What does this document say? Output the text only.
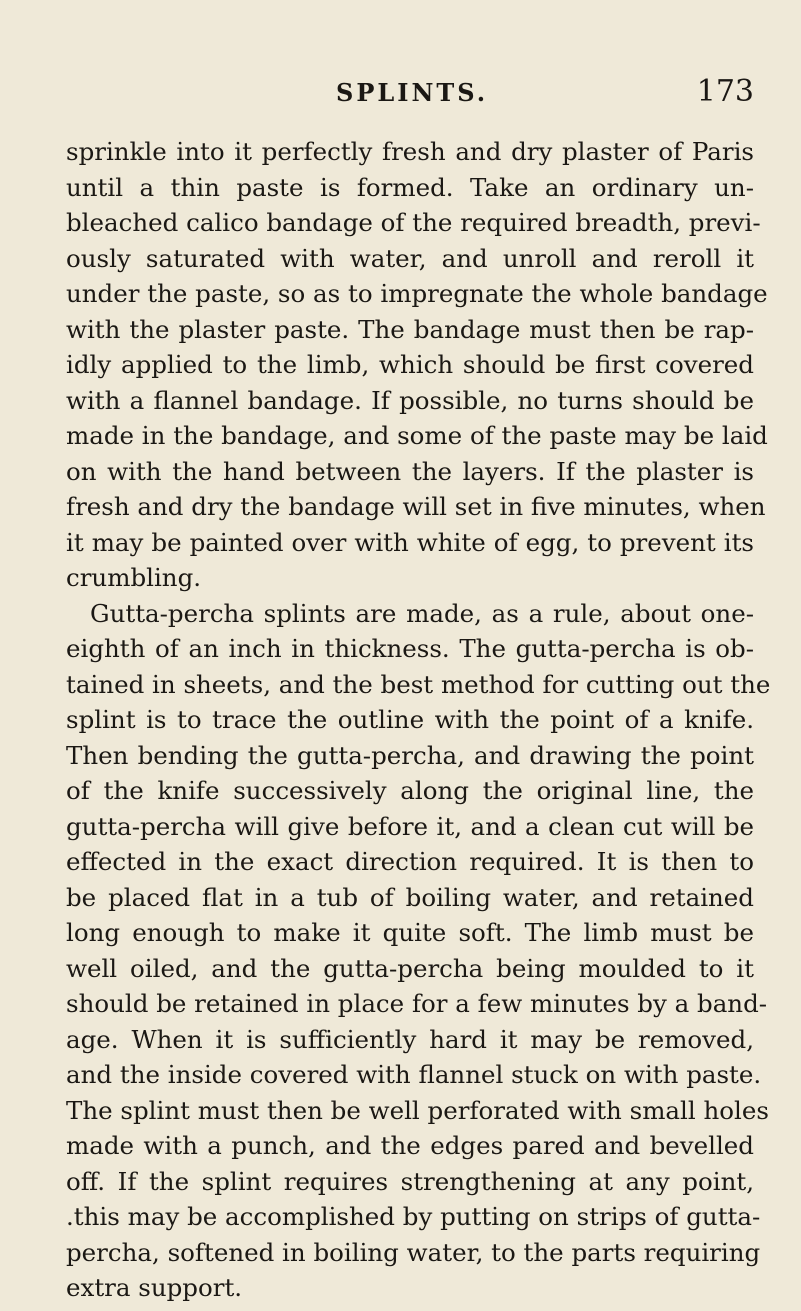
SPLINTS.	173
sprinkle into it perfectly fresh and dry plaster of Paris
until a thin paste is formed. Take an ordinary un-
bleached calico bandage of the required breadth, previ-
ously saturated with water, and unroll and reroll it
under the paste, so as to impregnate the whole bandage
with the plaster paste. The bandage must then be rap-
idly applied to the limb, which should be first covered
with a flannel bandage. If possible, no turns should be
made in the bandage, and some of the paste may be laid
on with the hand between the layers. If the plaster is
fresh and dry the bandage will set in five minutes, when
it may be painted over with white of egg, to prevent its
crumbling.
Gutta-percha splints are made, as a rule, about one-
eighth of an inch in thickness. The gutta-percha is ob-
tained in sheets, and the best method for cutting out the
splint is to trace the outline with the point of a knife.
Then bending the gutta-percha, and drawing the point
of the knife successively along the original line, the
gutta-percha will give before it, and a clean cut will be
effected in the exact direction required. It is then to
be placed flat in a tub of boiling water, and retained
long enough to make it quite soft. The limb must be
well oiled, and the gutta-percha being moulded to it
should be retained in place for a few minutes by a band-
age. When it is sufficiently hard it may be removed,
and the inside covered with flannel stuck on with paste.
The splint must then be well perforated with small holes
made with a punch, and the edges pared and bevelled
off. If the splint requires strengthening at any point,
.this may be accomplished by putting on strips of gutta-
percha, softened in boiling water, to the parts requiring
extra support.
